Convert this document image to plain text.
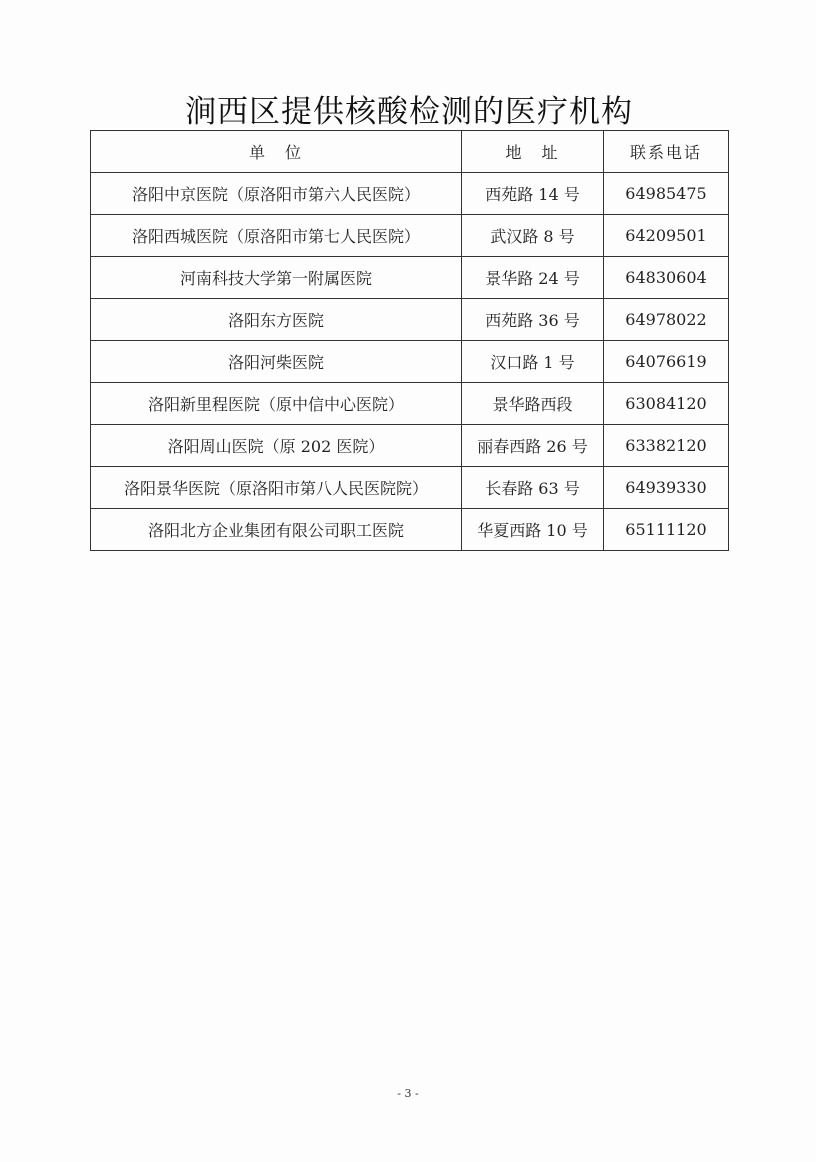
涧西区提供核酸检测的医疗机构
单　位	地　址	联系电话
洛阳中京医院（原洛阳市第六人民医院）	西苑路 14 号	64985475
洛阳西城医院（原洛阳市第七人民医院）	武汉路 8 号	64209501
河南科技大学第一附属医院	景华路 24 号	64830604
洛阳东方医院	西苑路 36 号	64978022
洛阳河柴医院	汉口路 1 号	64076619
洛阳新里程医院（原中信中心医院）	景华路西段	63084120
洛阳周山医院（原 202 医院）	丽春西路 26 号	63382120
洛阳景华医院（原洛阳市第八人民医院院）	长春路 63 号	64939330
洛阳北方企业集团有限公司职工医院	华夏西路 10 号	65111120
- 3 -
